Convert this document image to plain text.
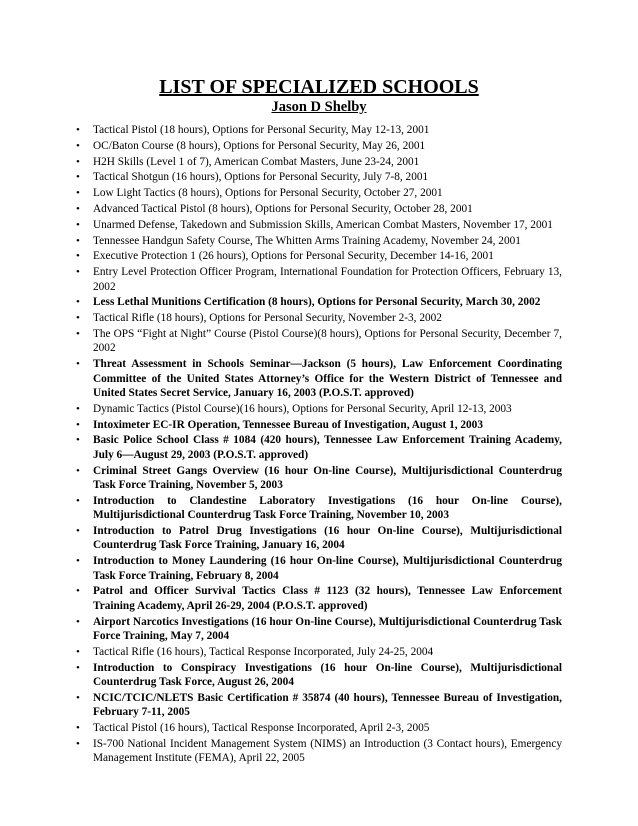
LIST OF SPECIALIZED SCHOOLS
Jason D Shelby
• Tactical Pistol (18 hours), Options for Personal Security, May 12-13, 2001
• OC/Baton Course (8 hours), Options for Personal Security, May 26, 2001
• H2H Skills (Level 1 of 7), American Combat Masters, June 23-24, 2001
• Tactical Shotgun (16 hours), Options for Personal Security, July 7-8, 2001
• Low Light Tactics (8 hours), Options for Personal Security, October 27, 2001
• Advanced Tactical Pistol (8 hours), Options for Personal Security, October 28, 2001
• Unarmed Defense, Takedown and Submission Skills, American Combat Masters, November 17, 2001
• Tennessee Handgun Safety Course, The Whitten Arms Training Academy, November 24, 2001
• Executive Protection 1 (26 hours), Options for Personal Security, December 14-16, 2001
• Entry Level Protection Officer Program, International Foundation for Protection Officers, February 13, 2002
• Less Lethal Munitions Certification (8 hours), Options for Personal Security, March 30, 2002
• Tactical Rifle (18 hours), Options for Personal Security, November 2-3, 2002
• The OPS “Fight at Night” Course (Pistol Course)(8 hours), Options for Personal Security, December 7, 2002
• Threat Assessment in Schools Seminar—Jackson (5 hours), Law Enforcement Coordinating Committee of the United States Attorney’s Office for the Western District of Tennessee and United States Secret Service, January 16, 2003 (P.O.S.T. approved)
• Dynamic Tactics (Pistol Course)(16 hours), Options for Personal Security, April 12-13, 2003
• Intoximeter EC-IR Operation, Tennessee Bureau of Investigation, August 1, 2003
• Basic Police School Class # 1084 (420 hours), Tennessee Law Enforcement Training Academy, July 6—August 29, 2003 (P.O.S.T. approved)
• Criminal Street Gangs Overview (16 hour On-line Course), Multijurisdictional Counterdrug Task Force Training, November 5, 2003
• Introduction to Clandestine Laboratory Investigations (16 hour On-line Course), Multijurisdictional Counterdrug Task Force Training, November 10, 2003
• Introduction to Patrol Drug Investigations (16 hour On-line Course), Multijurisdictional Counterdrug Task Force Training, January 16, 2004
• Introduction to Money Laundering (16 hour On-line Course), Multijurisdictional Counterdrug Task Force Training, February 8, 2004
• Patrol and Officer Survival Tactics Class # 1123 (32 hours), Tennessee Law Enforcement Training Academy, April 26-29, 2004 (P.O.S.T. approved)
• Airport Narcotics Investigations (16 hour On-line Course), Multijurisdictional Counterdrug Task Force Training, May 7, 2004
• Tactical Rifle (16 hours), Tactical Response Incorporated, July 24-25, 2004
• Introduction to Conspiracy Investigations (16 hour On-line Course), Multijurisdictional Counterdrug Task Force, August 26, 2004
• NCIC/TCIC/NLETS Basic Certification # 35874 (40 hours), Tennessee Bureau of Investigation, February 7-11, 2005
• Tactical Pistol (16 hours), Tactical Response Incorporated, April 2-3, 2005
• IS-700 National Incident Management System (NIMS) an Introduction (3 Contact hours), Emergency Management Institute (FEMA), April 22, 2005
